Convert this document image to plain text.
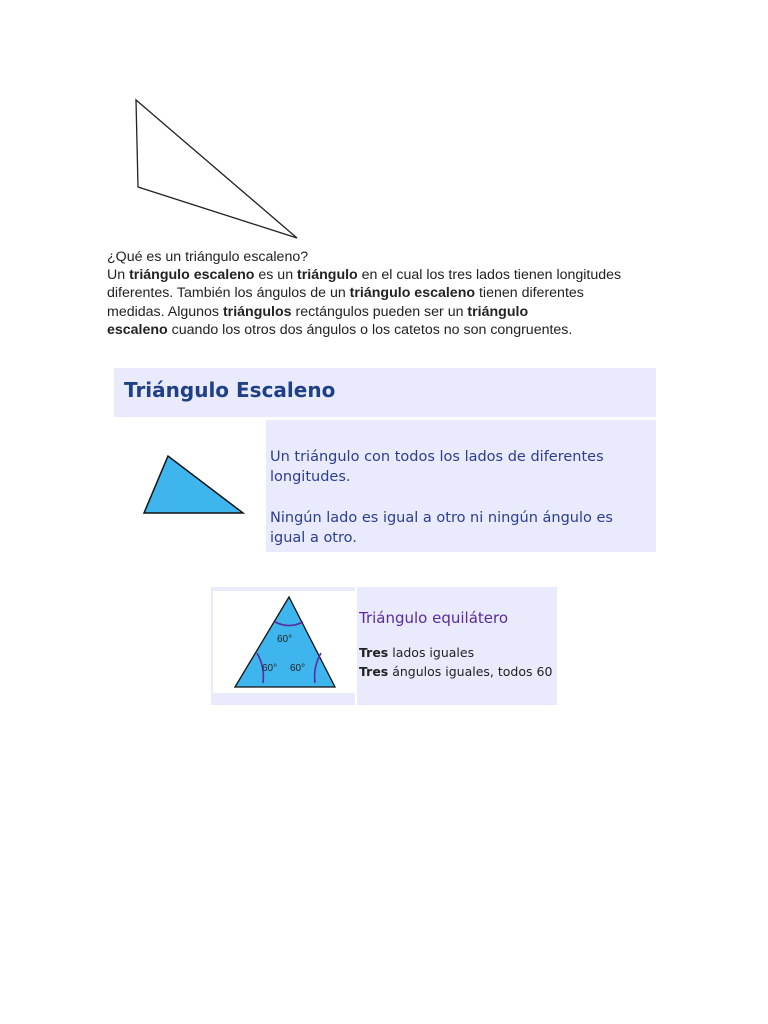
¿Qué es un triángulo escaleno?
Un triángulo escaleno es un triángulo en el cual los tres lados tienen longitudes
diferentes. También los ángulos de un triángulo escaleno tienen diferentes
medidas. Algunos triángulos rectángulos pueden ser un triángulo
escaleno cuando los otros dos ángulos o los catetos no son congruentes.
Triángulo Escaleno
Un triángulo con todos los lados de diferentes longitudes.
Ningún lado es igual a otro ni ningún ángulo es igual a otro.
60°
60° 60°
Triángulo equilátero
Tres lados iguales
Tres ángulos iguales, todos 60
